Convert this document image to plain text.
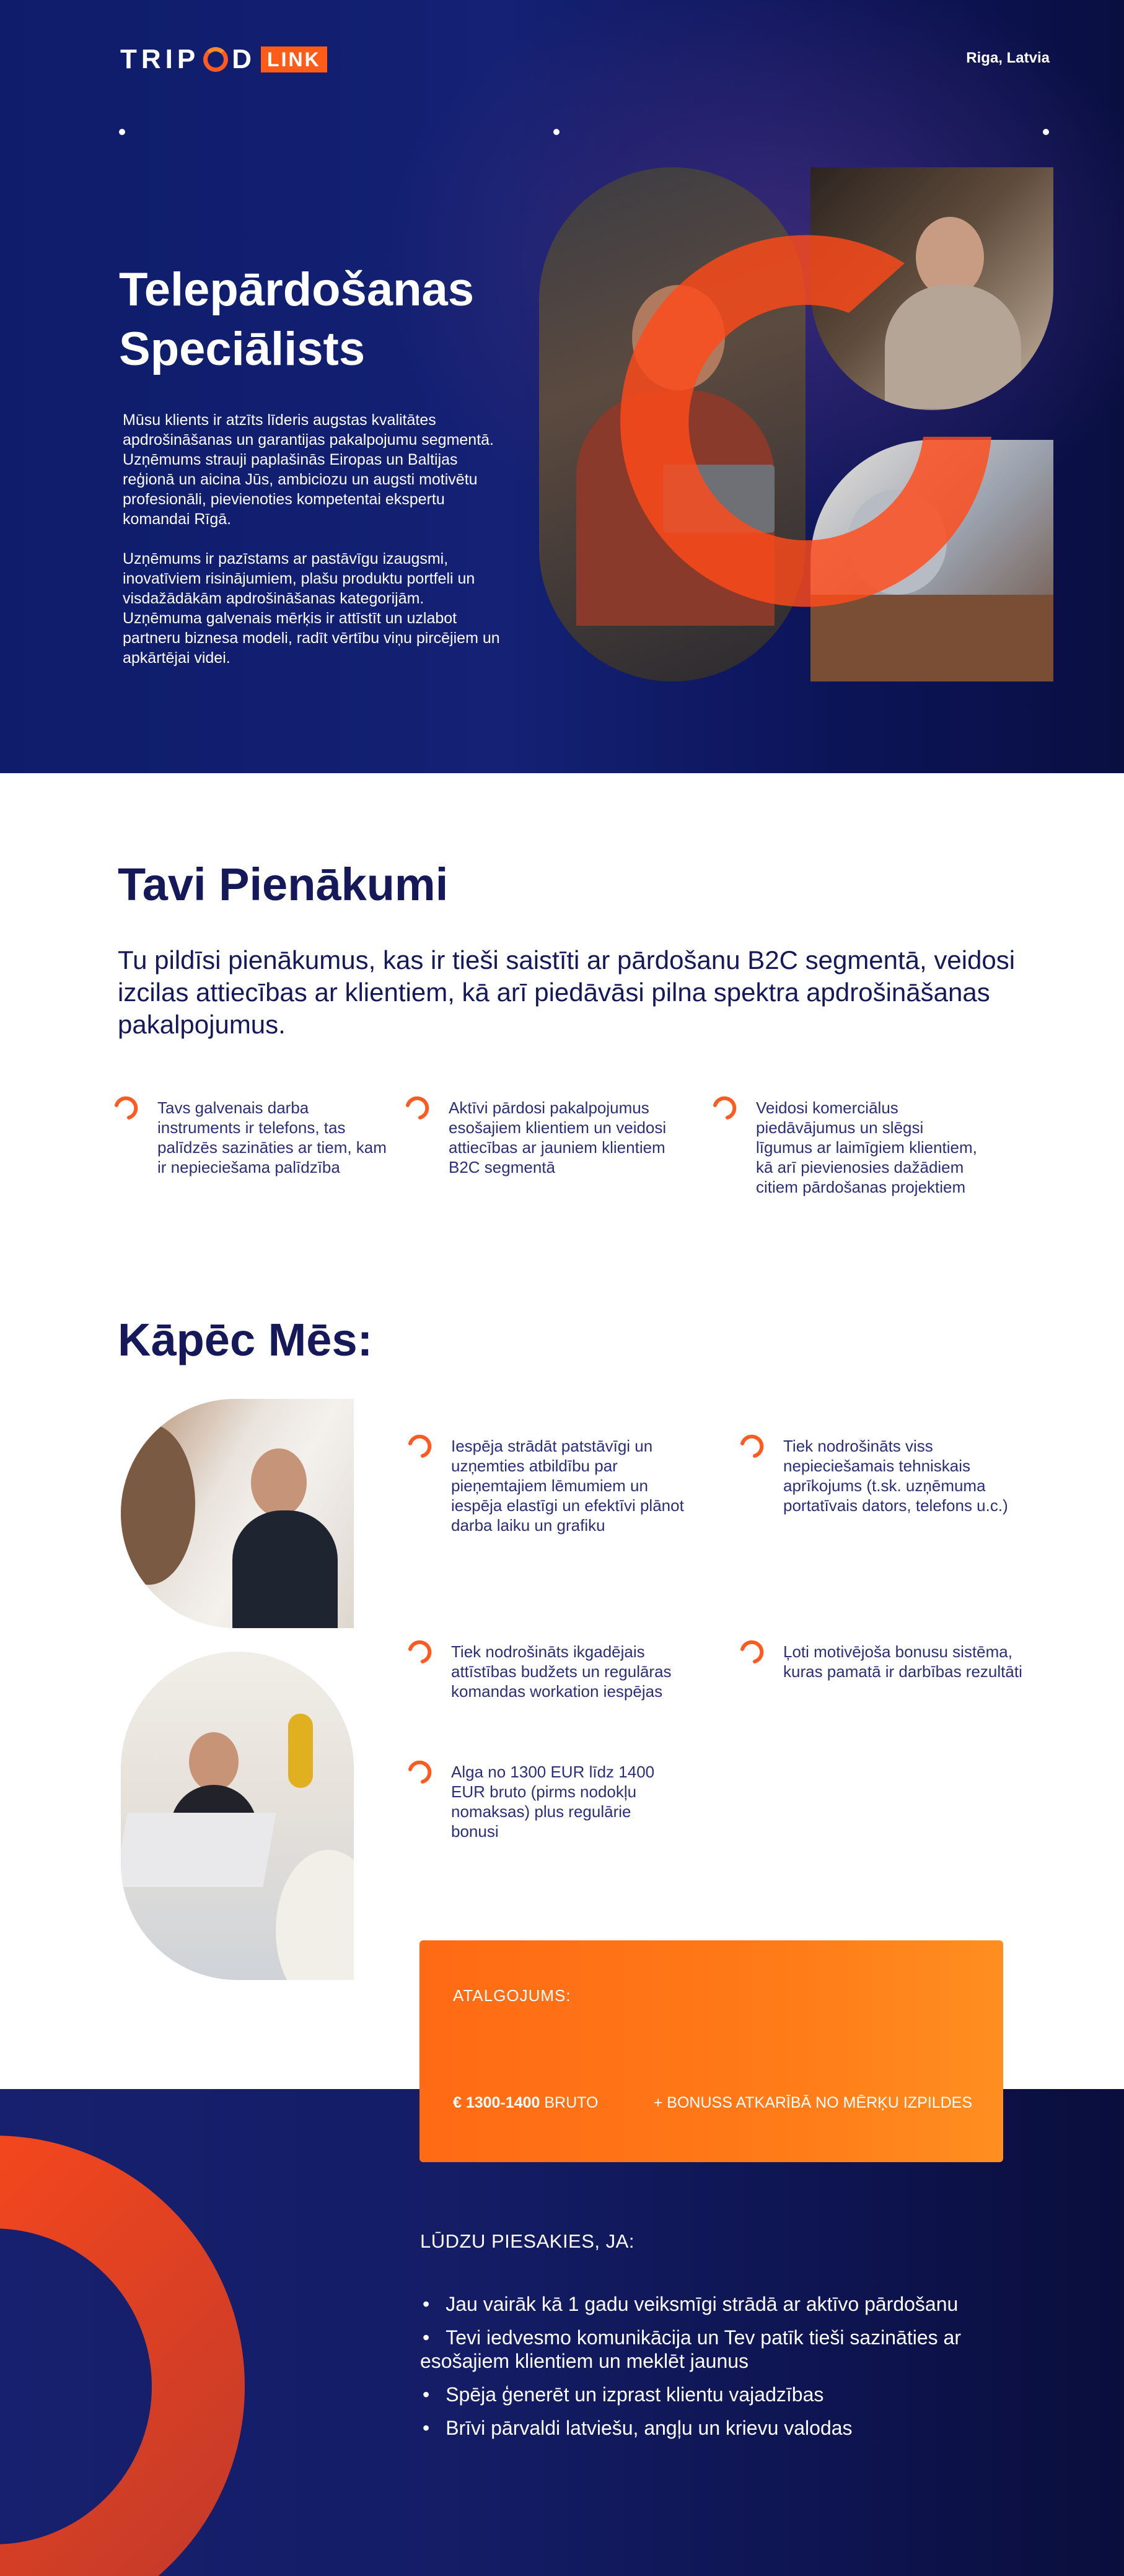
TRIP D LINK	Riga, Latvia
Telepārdošanas Speciālists

Mūsu klients ir atzīts līderis augstas kvalitātes apdrošināšanas un garantijas pakalpojumu segmentā. Uzņēmums strauji paplašinās Eiropas un Baltijas reģionā un aicina Jūs, ambiciozu un augsti motivētu profesionāli, pievienoties kompetentai ekspertu komandai Rīgā.

Uzņēmums ir pazīstams ar pastāvīgu izaugsmi, inovatīviem risinājumiem, plašu produktu portfeli un visdažādākām apdrošināšanas kategorijām. Uzņēmuma galvenais mērķis ir attīstīt un uzlabot partneru biznesa modeli, radīt vērtību viņu pircējiem un apkārtējai videi.

Tavi Pienākumi

Tu pildīsi pienākumus, kas ir tieši saistīti ar pārdošanu B2C segmentā, veidosi izcilas attiecības ar klientiem, kā arī piedāvāsi pilna spektra apdrošināšanas pakalpojumus.

Tavs galvenais darba instruments ir telefons, tas palīdzēs sazināties ar tiem, kam ir nepieciešama palīdzība

Aktīvi pārdosi pakalpojumus esošajiem klientiem un veidosi attiecības ar jauniem klientiem B2C segmentā

Veidosi komerciālus piedāvājumus un slēgsi līgumus ar laimīgiem klientiem, kā arī pievienosies dažādiem citiem pārdošanas projektiem

Kāpēc Mēs:

Iespēja strādāt patstāvīgi un uzņemties atbildību par pieņemtajiem lēmumiem un iespēja elastīgi un efektīvi plānot darba laiku un grafiku

Tiek nodrošināts viss nepieciešamais tehniskais aprīkojums (t.sk. uzņēmuma portatīvais dators, telefons u.c.)

Tiek nodrošināts ikgadējais attīstības budžets un regulāras komandas workation iespējas

Ļoti motivējoša bonusu sistēma, kuras pamatā ir darbības rezultāti

Alga no 1300 EUR līdz 1400 EUR bruto (pirms nodokļu nomaksas) plus regulārie bonusi

ATALGOJUMS:
€ 1300-1400 BRUTO	+ BONUSS ATKARĪBĀ NO MĒRĶU IZPILDES
LŪDZU PIESAKIES, JA:
• Jau vairāk kā 1 gadu veiksmīgi strādā ar aktīvo pārdošanu
• Tevi iedvesmo komunikācija un Tev patīk tieši sazināties ar esošajiem klientiem un meklēt jaunus
• Spēja ģenerēt un izprast klientu vajadzības
• Brīvi pārvaldi latviešu, angļu un krievu valodas
